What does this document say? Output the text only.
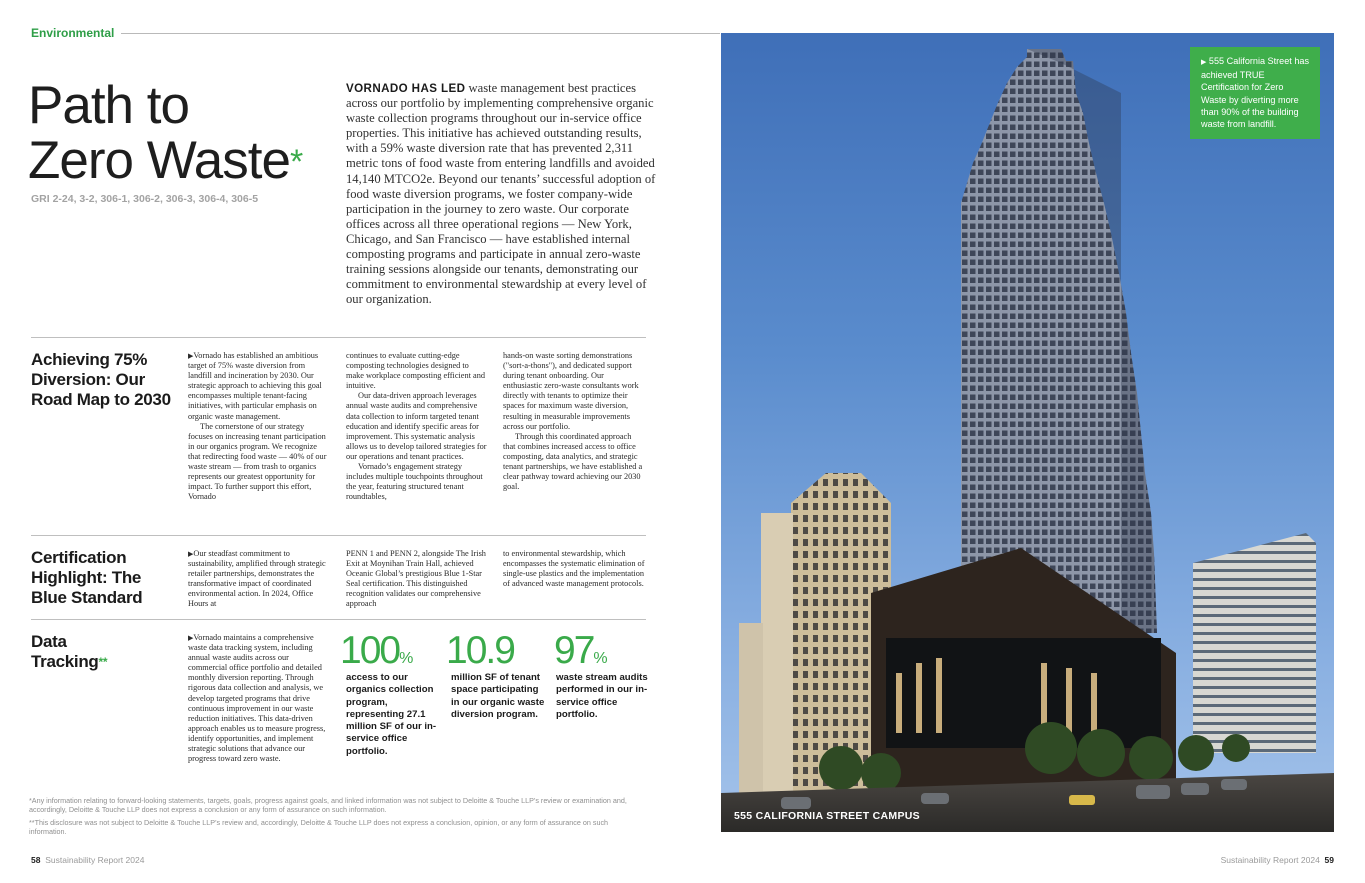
Environmental
Path to
Zero Waste*
GRI 2-24, 3-2, 306-1, 306-2, 306-3, 306-4, 306-5
VORNADO HAS LED waste management best practices across our portfolio by implementing comprehensive organic waste collection programs throughout our in-service office properties. This initiative has achieved outstanding results, with a 59% waste diversion rate that has prevented 2,311 metric tons of food waste from entering landfills and avoided 14,140 MTCO2e. Beyond our tenants’ successful adoption of food waste diversion programs, we foster company-wide participation in the journey to zero waste. Our corporate offices across all three operational regions — New York, Chicago, and San Francisco — have established internal composting programs and participate in annual zero-waste training sessions alongside our tenants, demonstrating our commitment to environmental stewardship at every level of our organization.
Achieving 75% Diversion: Our Road Map to 2030

▶Vornado has established an ambitious target of 75% waste diversion from landfill and incineration by 2030. Our strategic approach to achieving this goal encompasses multiple tenant-facing initiatives, with particular emphasis on organic waste management.

The cornerstone of our strategy focuses on increasing tenant participation in our organics program. We recognize that redirecting food waste — 40% of our waste stream — from trash to organics represents our greatest opportunity for impact. To further support this effort, Vornado

continues to evaluate cutting-edge composting technologies designed to make workplace composting efficient and intuitive.

Our data-driven approach leverages annual waste audits and comprehensive data collection to inform targeted tenant education and identify specific areas for improvement. This systematic analysis allows us to develop tailored strategies for our operations and tenant practices.

Vornado’s engagement strategy includes multiple touchpoints throughout the year, featuring structured tenant roundtables,

hands-on waste sorting demonstrations ("sort-a-thons"), and dedicated support during tenant onboarding. Our enthusiastic zero-waste consultants work directly with tenants to optimize their spaces for maximum waste diversion, resulting in measurable improvements across our portfolio.

Through this coordinated approach that combines increased access to office composting, data analytics, and strategic tenant partnerships, we have established a clear pathway toward achieving our 2030 goal.

Certification Highlight: The Blue Standard

▶Our steadfast commitment to sustainability, amplified through strategic retailer partnerships, demonstrates the transformative impact of coordinated environmental action. In 2024, Office Hours at

PENN 1 and PENN 2, alongside The Irish Exit at Moynihan Train Hall, achieved Oceanic Global’s prestigious Blue 1-Star Seal certification. This distinguished recognition validates our comprehensive approach

to environmental stewardship, which encompasses the systematic elimination of single-use plastics and the implementation of advanced waste management protocols.

Data
Tracking**

▶Vornado maintains a comprehensive waste data tracking system, including annual waste audits across our commercial office portfolio and detailed monthly diversion reporting. Through rigorous data collection and analysis, we develop targeted programs that drive continuous improvement in our waste reduction initiatives. This data-driven approach enables us to measure progress, identify opportunities, and implement strategic solutions that advance our progress toward zero waste.

100%
access to our organics collection program, representing 27.1 million SF of our in-service office portfolio.
10.9
million SF of tenant space participating in our organic waste diversion program.
97%
waste stream audits performed in our in-service office portfolio.
*Any information relating to forward-looking statements, targets, goals, progress against goals, and linked information was not subject to Deloitte & Touche LLP’s review or examination and, accordingly, Deloitte & Touche LLP does not express a conclusion or any form of assurance on such information.
**This disclosure was not subject to Deloitte & Touche LLP’s review and, accordingly, Deloitte & Touche LLP does not express a conclusion, opinion, or any form of assurance on such information.
58 Sustainability Report 2024	Sustainability Report 2024 59
▶ 555 California Street has achieved TRUE Certification for Zero Waste by diverting more than 90% of the building waste from landfill.
555 CALIFORNIA STREET CAMPUS
